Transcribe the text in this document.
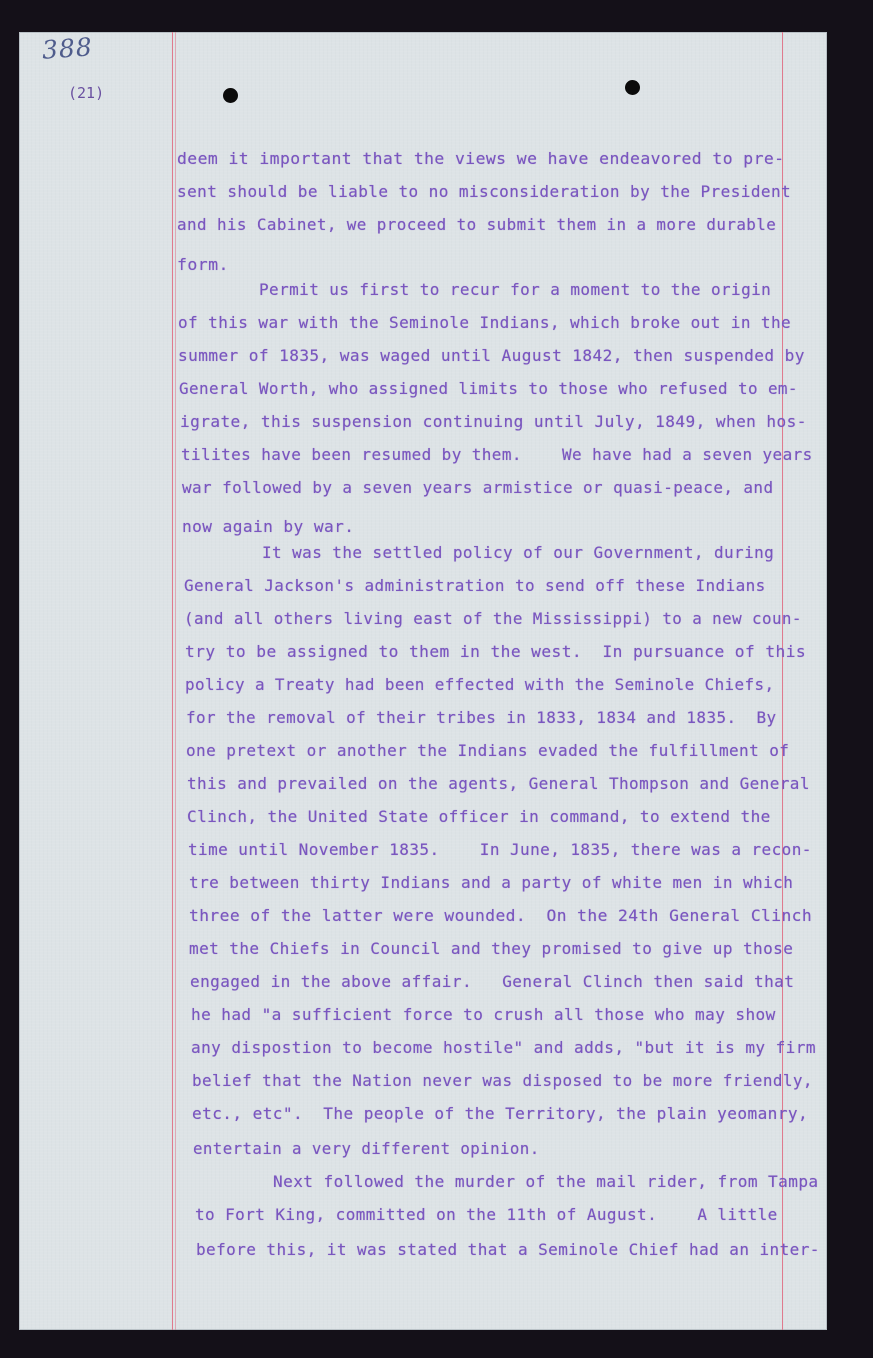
388
(21)
deem it important that the views we have endeavored to pre-
sent should be liable to no misconsideration by the President
and his Cabinet, we proceed to submit them in a more durable
form.
Permit us first to recur for a moment to the origin
of this war with the Seminole Indians, which broke out in the
summer of 1835, was waged until August 1842, then suspended by
General Worth, who assigned limits to those who refused to em-
igrate, this suspension continuing until July, 1849, when hos-
tilites have been resumed by them.    We have had a seven years
war followed by a seven years armistice or quasi-peace, and
now again by war.
It was the settled policy of our Government, during
General Jackson's administration to send off these Indians
(and all others living east of the Mississippi) to a new coun-
try to be assigned to them in the west.  In pursuance of this
policy a Treaty had been effected with the Seminole Chiefs,
for the removal of their tribes in 1833, 1834 and 1835.  By
one pretext or another the Indians evaded the fulfillment of
this and prevailed on the agents, General Thompson and General
Clinch, the United State officer in command, to extend the
time until November 1835.    In June, 1835, there was a recon-
tre between thirty Indians and a party of white men in which
three of the latter were wounded.  On the 24th General Clinch
met the Chiefs in Council and they promised to give up those
engaged in the above affair.   General Clinch then said that
he had "a sufficient force to crush all those who may show
any dispostion to become hostile" and adds, "but it is my firm
belief that the Nation never was disposed to be more friendly,
etc., etc".  The people of the Territory, the plain yeomanry,
entertain a very different opinion.
Next followed the murder of the mail rider, from Tampa
to Fort King, committed on the 11th of August.    A little
before this, it was stated that a Seminole Chief had an inter-
